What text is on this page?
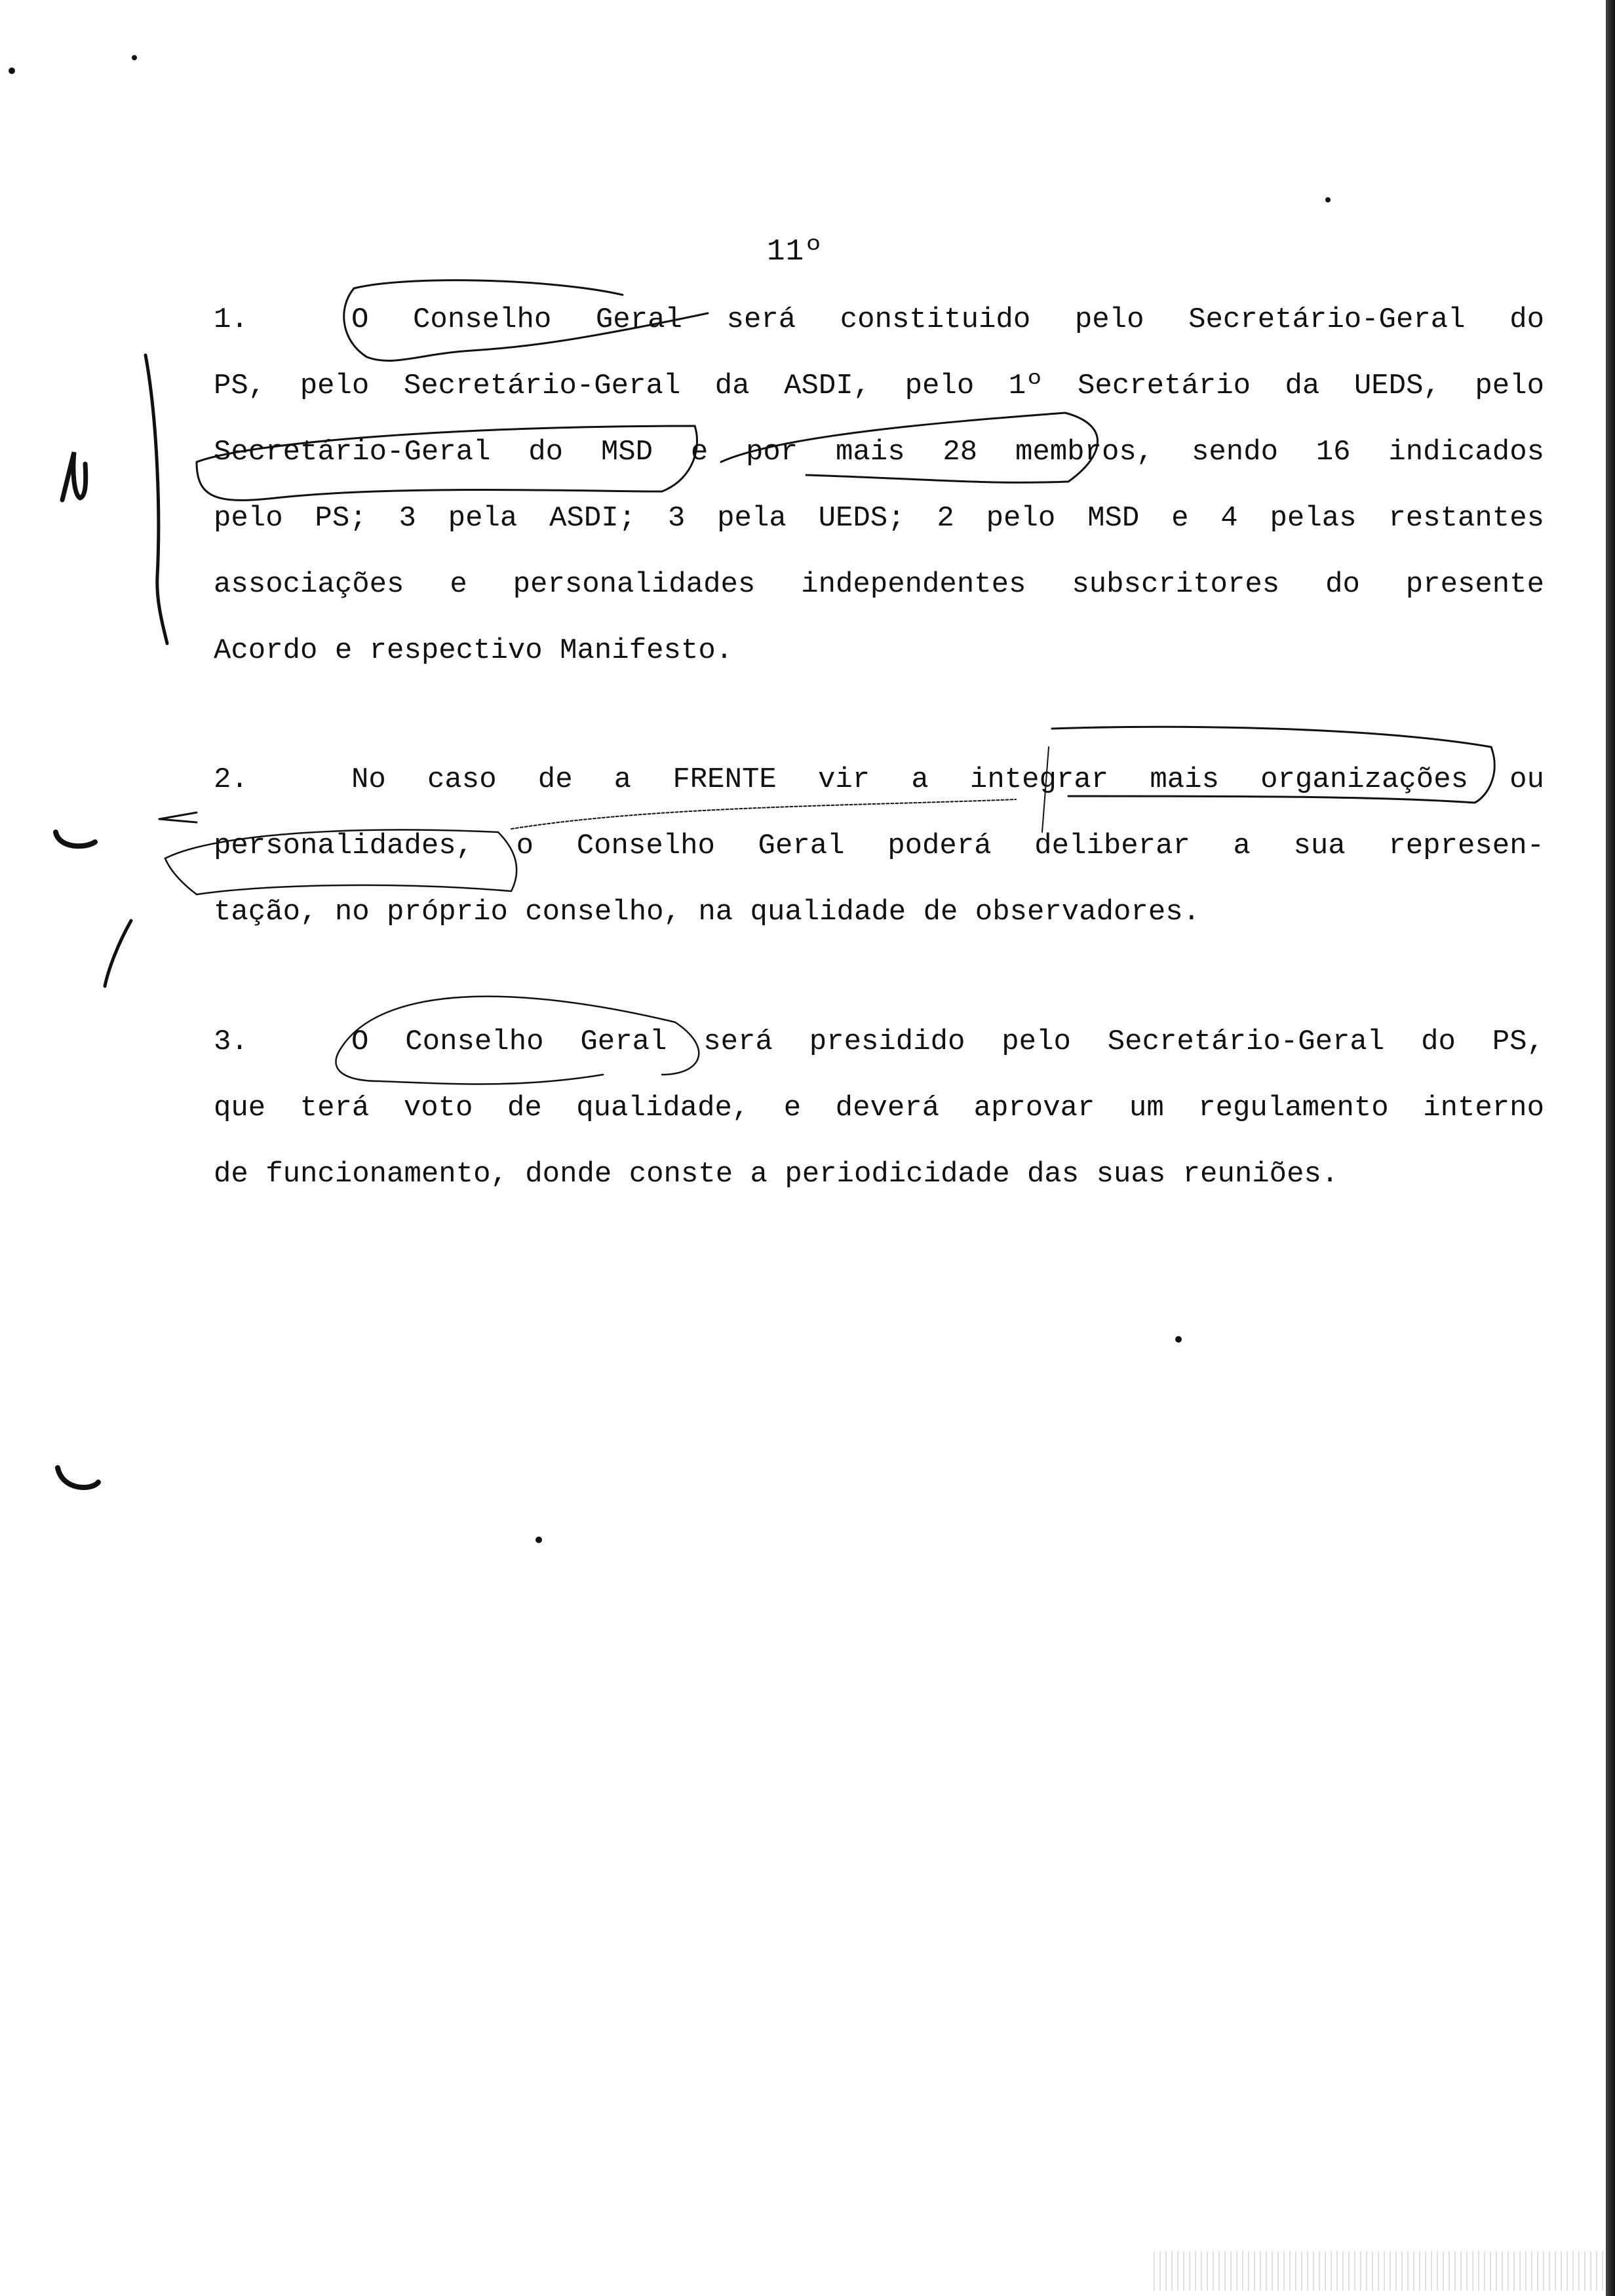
11º
1.	O Conselho Geral será constituido pelo Secretário-Geral do
PS, pelo Secretário-Geral da ASDI, pelo 1º Secretário da UEDS, pelo
Secretário-Geral do MSD e por mais 28 membros, sendo 16 indicados
pelo PS; 3 pela ASDI; 3 pela UEDS; 2 pelo MSD e 4 pelas restantes
associações e personalidades independentes subscritores do presente
Acordo e respectivo Manifesto.
2.	No caso de a FRENTE vir a integrar mais organizações ou
personalidades, o Conselho Geral poderá deliberar a sua represen-
tação, no próprio conselho, na qualidade de observadores.
3.	O Conselho Geral será presidido pelo Secretário-Geral do PS,
que terá voto de qualidade, e deverá aprovar um regulamento interno
de funcionamento, donde conste a periodicidade das suas reuniões.
